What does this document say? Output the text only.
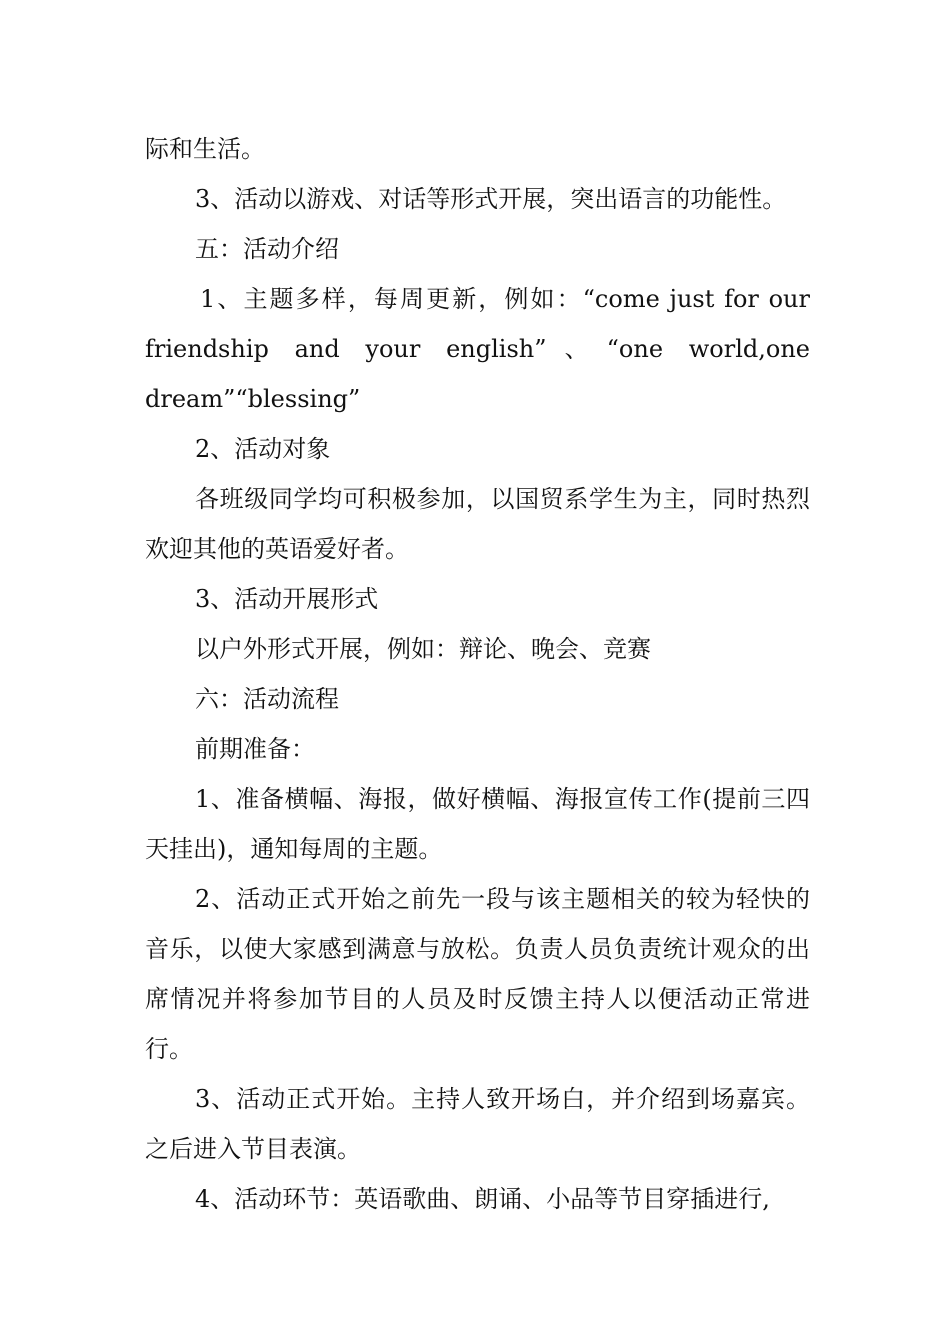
际和生活。

3、活动以游戏、对话等形式开展，突出语言的功能性。

五：活动介绍

1、主题多样，每周更新，例如：“come just for our friendship and your english”、“one world,one dream”“blessing”

2、活动对象

各班级同学均可积极参加，以国贸系学生为主，同时热烈欢迎其他的英语爱好者。

3、活动开展形式

以户外形式开展，例如：辩论、晚会、竞赛

六：活动流程

前期准备：

1、准备横幅、海报，做好横幅、海报宣传工作(提前三四天挂出)，通知每周的主题。

2、活动正式开始之前先一段与该主题相关的较为轻快的音乐，以使大家感到满意与放松。负责人员负责统计观众的出席情况并将参加节目的人员及时反馈主持人以便活动正常进行。

3、活动正式开始。主持人致开场白，并介绍到场嘉宾。之后进入节目表演。

4、活动环节：英语歌曲、朗诵、小品等节目穿插进行,
